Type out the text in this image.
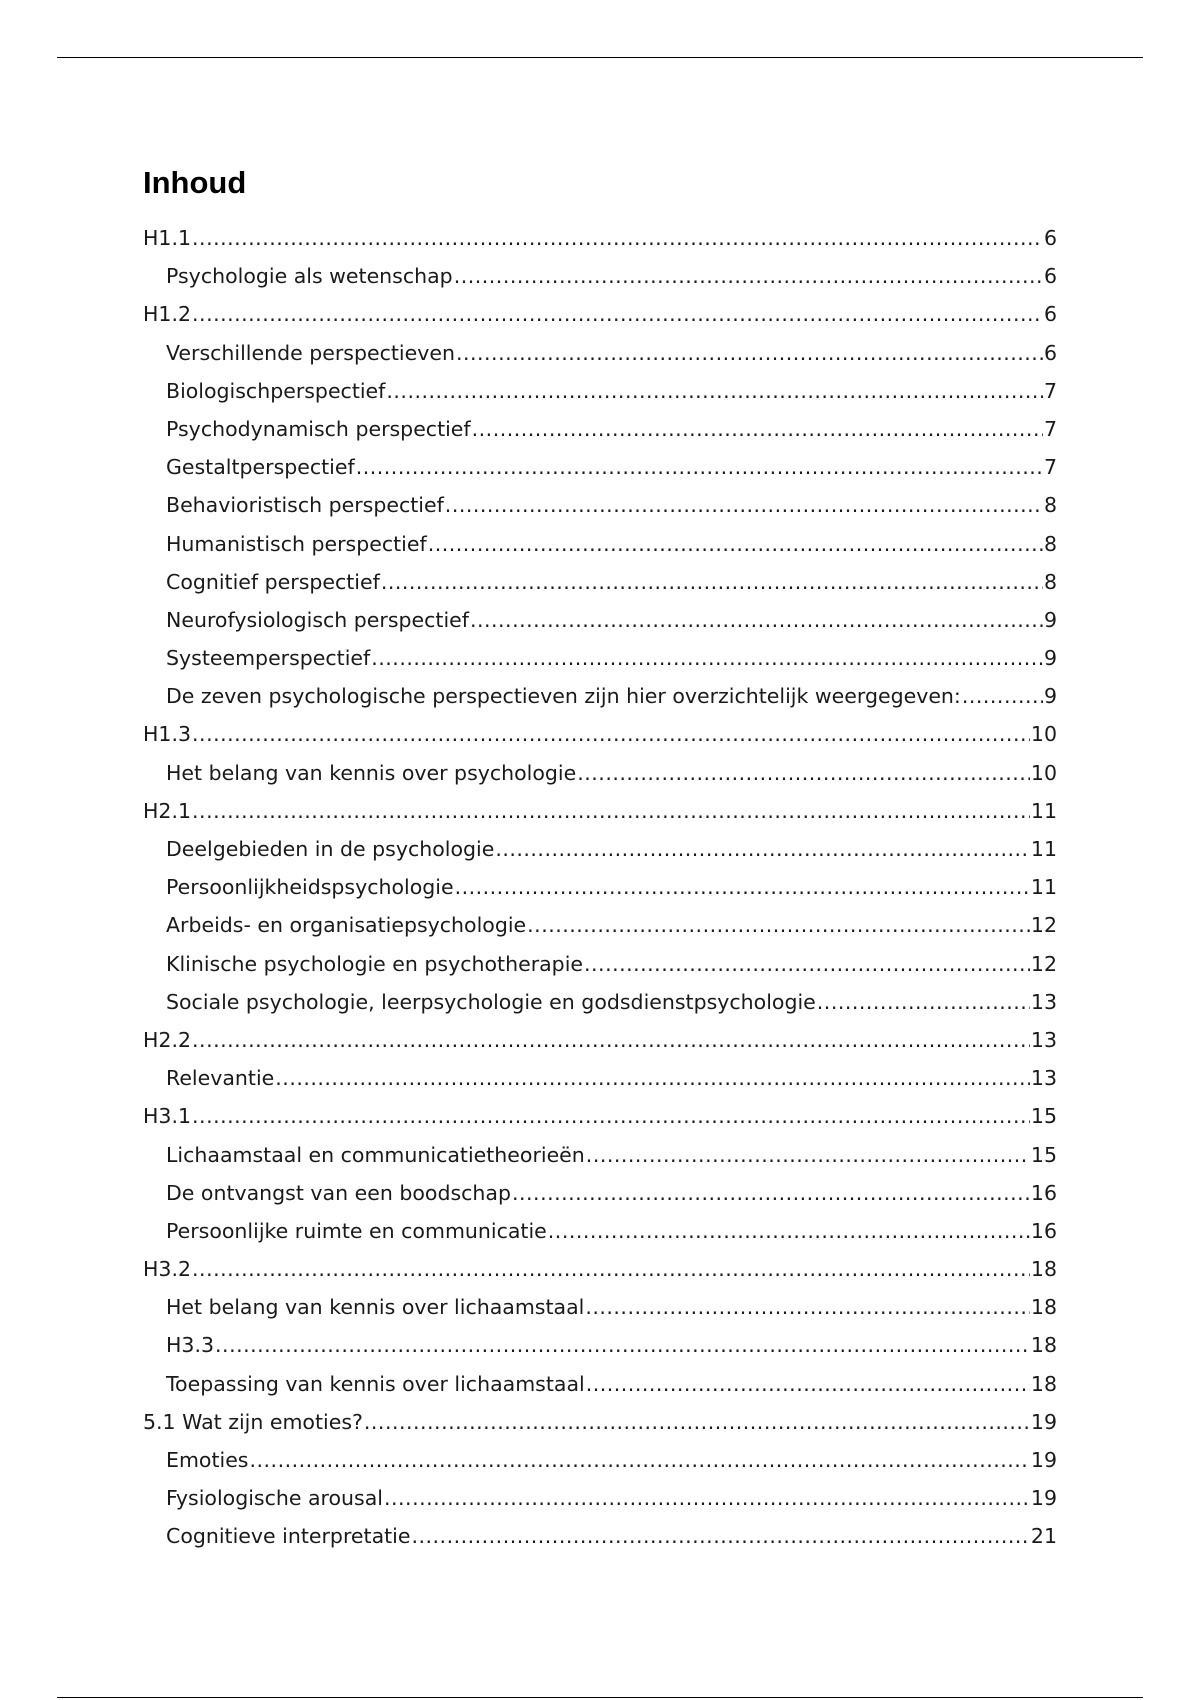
Inhoud
H1.1 .....	6
Psychologie als wetenschap .....	6
H1.2 .....	6
Verschillende perspectieven .....	6
Biologischperspectief .....	7
Psychodynamisch perspectief .....	7
Gestaltperspectief .....	7
Behavioristisch perspectief .....	8
Humanistisch perspectief .....	8
Cognitief perspectief .....	8
Neurofysiologisch perspectief .....	9
Systeemperspectief .....	9
De zeven psychologische perspectieven zijn hier overzichtelijk weergegeven: .....	9
H1.3 .....	10
Het belang van kennis over psychologie .....	10
H2.1 .....	11
Deelgebieden in de psychologie .....	11
Persoonlijkheidspsychologie .....	11
Arbeids- en organisatiepsychologie .....	12
Klinische psychologie en psychotherapie .....	12
Sociale psychologie, leerpsychologie en godsdienstpsychologie .....	13
H2.2 .....	13
Relevantie .....	13
H3.1 .....	15
Lichaamstaal en communicatietheorieën .....	15
De ontvangst van een boodschap .....	16
Persoonlijke ruimte en communicatie .....	16
H3.2 .....	18
Het belang van kennis over lichaamstaal .....	18
H3.3 .....	18
Toepassing van kennis over lichaamstaal .....	18
5.1 Wat zijn emoties? .....	19
Emoties .....	19
Fysiologische arousal .....	19
Cognitieve interpretatie .....	21
